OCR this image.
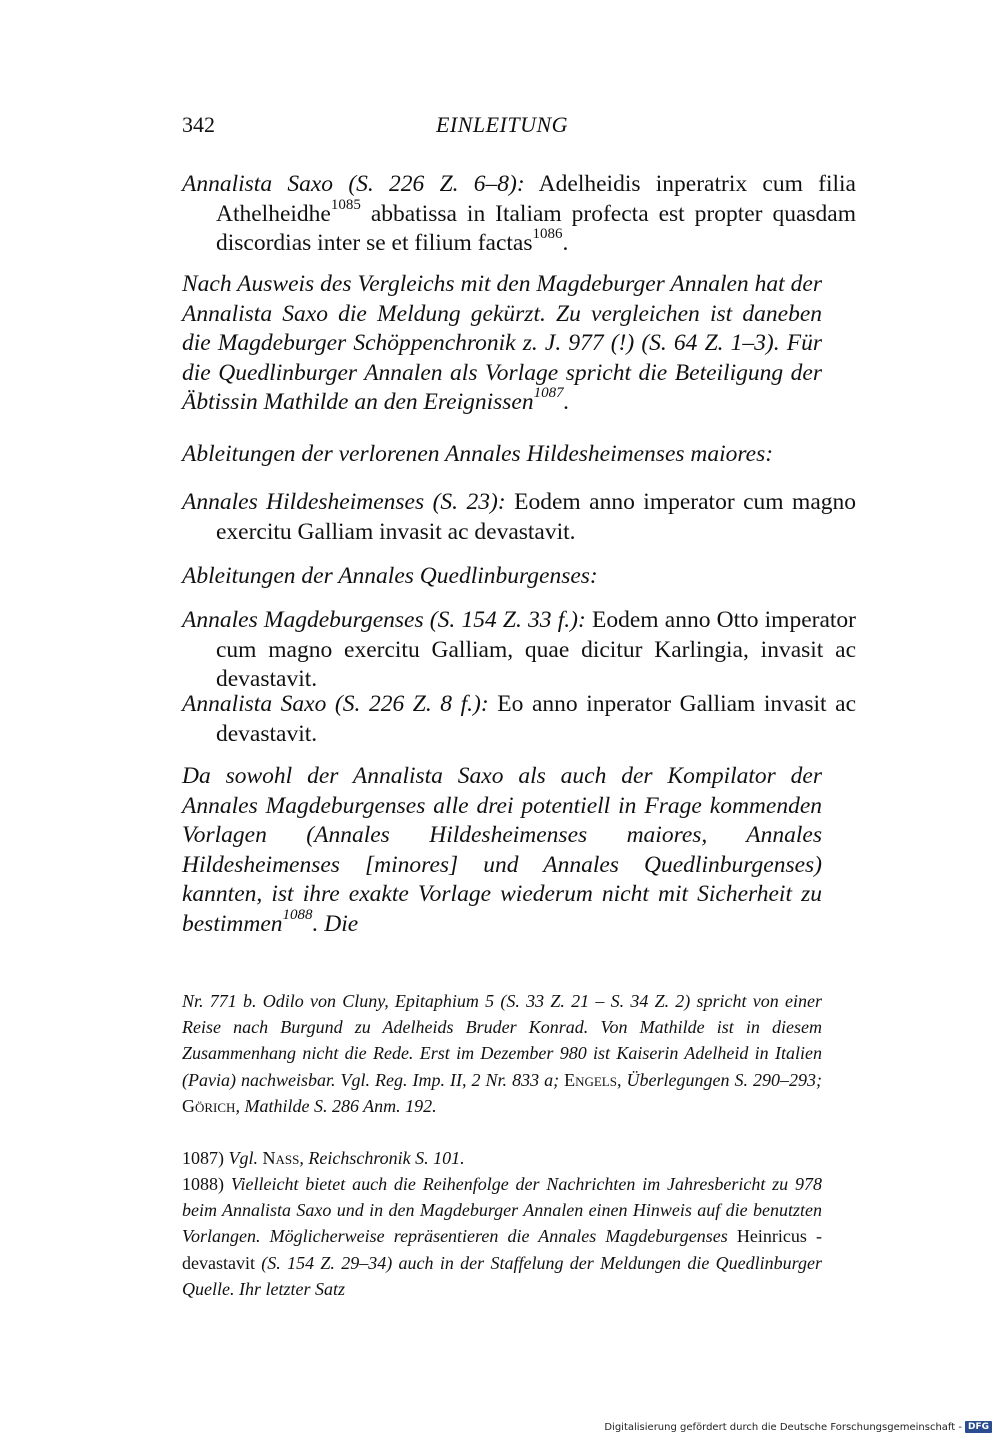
342	EINLEITUNG
Annalista Saxo (S. 226 Z. 6–8): Adelheidis inperatrix cum filia Athelheidhe$^{1085}$ abbatissa in Italiam profecta est propter quasdam discordias inter se et filium factas$^{1086}$.
Nach Ausweis des Vergleichs mit den Magdeburger Annalen hat der Annalista Saxo die Meldung gekürzt. Zu vergleichen ist daneben die Magdeburger Schöppenchronik z. J. 977 (!) (S. 64 Z. 1–3). Für die Quedlinburger Annalen als Vorlage spricht die Beteiligung der Äbtissin Mathilde an den Ereignissen$^{1087}$.
Ableitungen der verlorenen Annales Hildesheimenses maiores:
Annales Hildesheimenses (S. 23): Eodem anno imperator cum magno exercitu Galliam invasit ac devastavit.
Ableitungen der Annales Quedlinburgenses:
Annales Magdeburgenses (S. 154 Z. 33 f.): Eodem anno Otto imperator cum magno exercitu Galliam, quae dicitur Karlingia, invasit ac devastavit.
Annalista Saxo (S. 226 Z. 8 f.): Eo anno inperator Galliam invasit ac devastavit.
Da sowohl der Annalista Saxo als auch der Kompilator der Annales Magdeburgenses alle drei potentiell in Frage kommenden Vorlagen (Annales Hildesheimenses maiores, Annales Hildesheimenses [minores] und Annales Quedlinburgenses) kannten, ist ihre exakte Vorlage wiederum nicht mit Sicherheit zu bestimmen$^{1088}$. Die
Nr. 771 b. Odilo von Cluny, Epitaphium 5 (S. 33 Z. 21 – S. 34 Z. 2) spricht von einer Reise nach Burgund zu Adelheids Bruder Konrad. Von Mathilde ist in diesem Zusammenhang nicht die Rede. Erst im Dezember 980 ist Kaiserin Adelheid in Italien (Pavia) nachweisbar. Vgl. Reg. Imp. II, 2 Nr. 833 a; Engels, Überlegungen S. 290–293; Görich, Mathilde S. 286 Anm. 192.
1087) Vgl. Nass, Reichschronik S. 101.
1088) Vielleicht bietet auch die Reihenfolge der Nachrichten im Jahresbericht zu 978 beim Annalista Saxo und in den Magdeburger Annalen einen Hinweis auf die benutzten Vorlangen. Möglicherweise repräsentieren die Annales Magdeburgenses Heinricus - devastavit (S. 154 Z. 29–34) auch in der Staffelung der Meldungen die Quedlinburger Quelle. Ihr letzter Satz
Digitalisierung gefördert durch die Deutsche Forschungsgemeinschaft - DFG
